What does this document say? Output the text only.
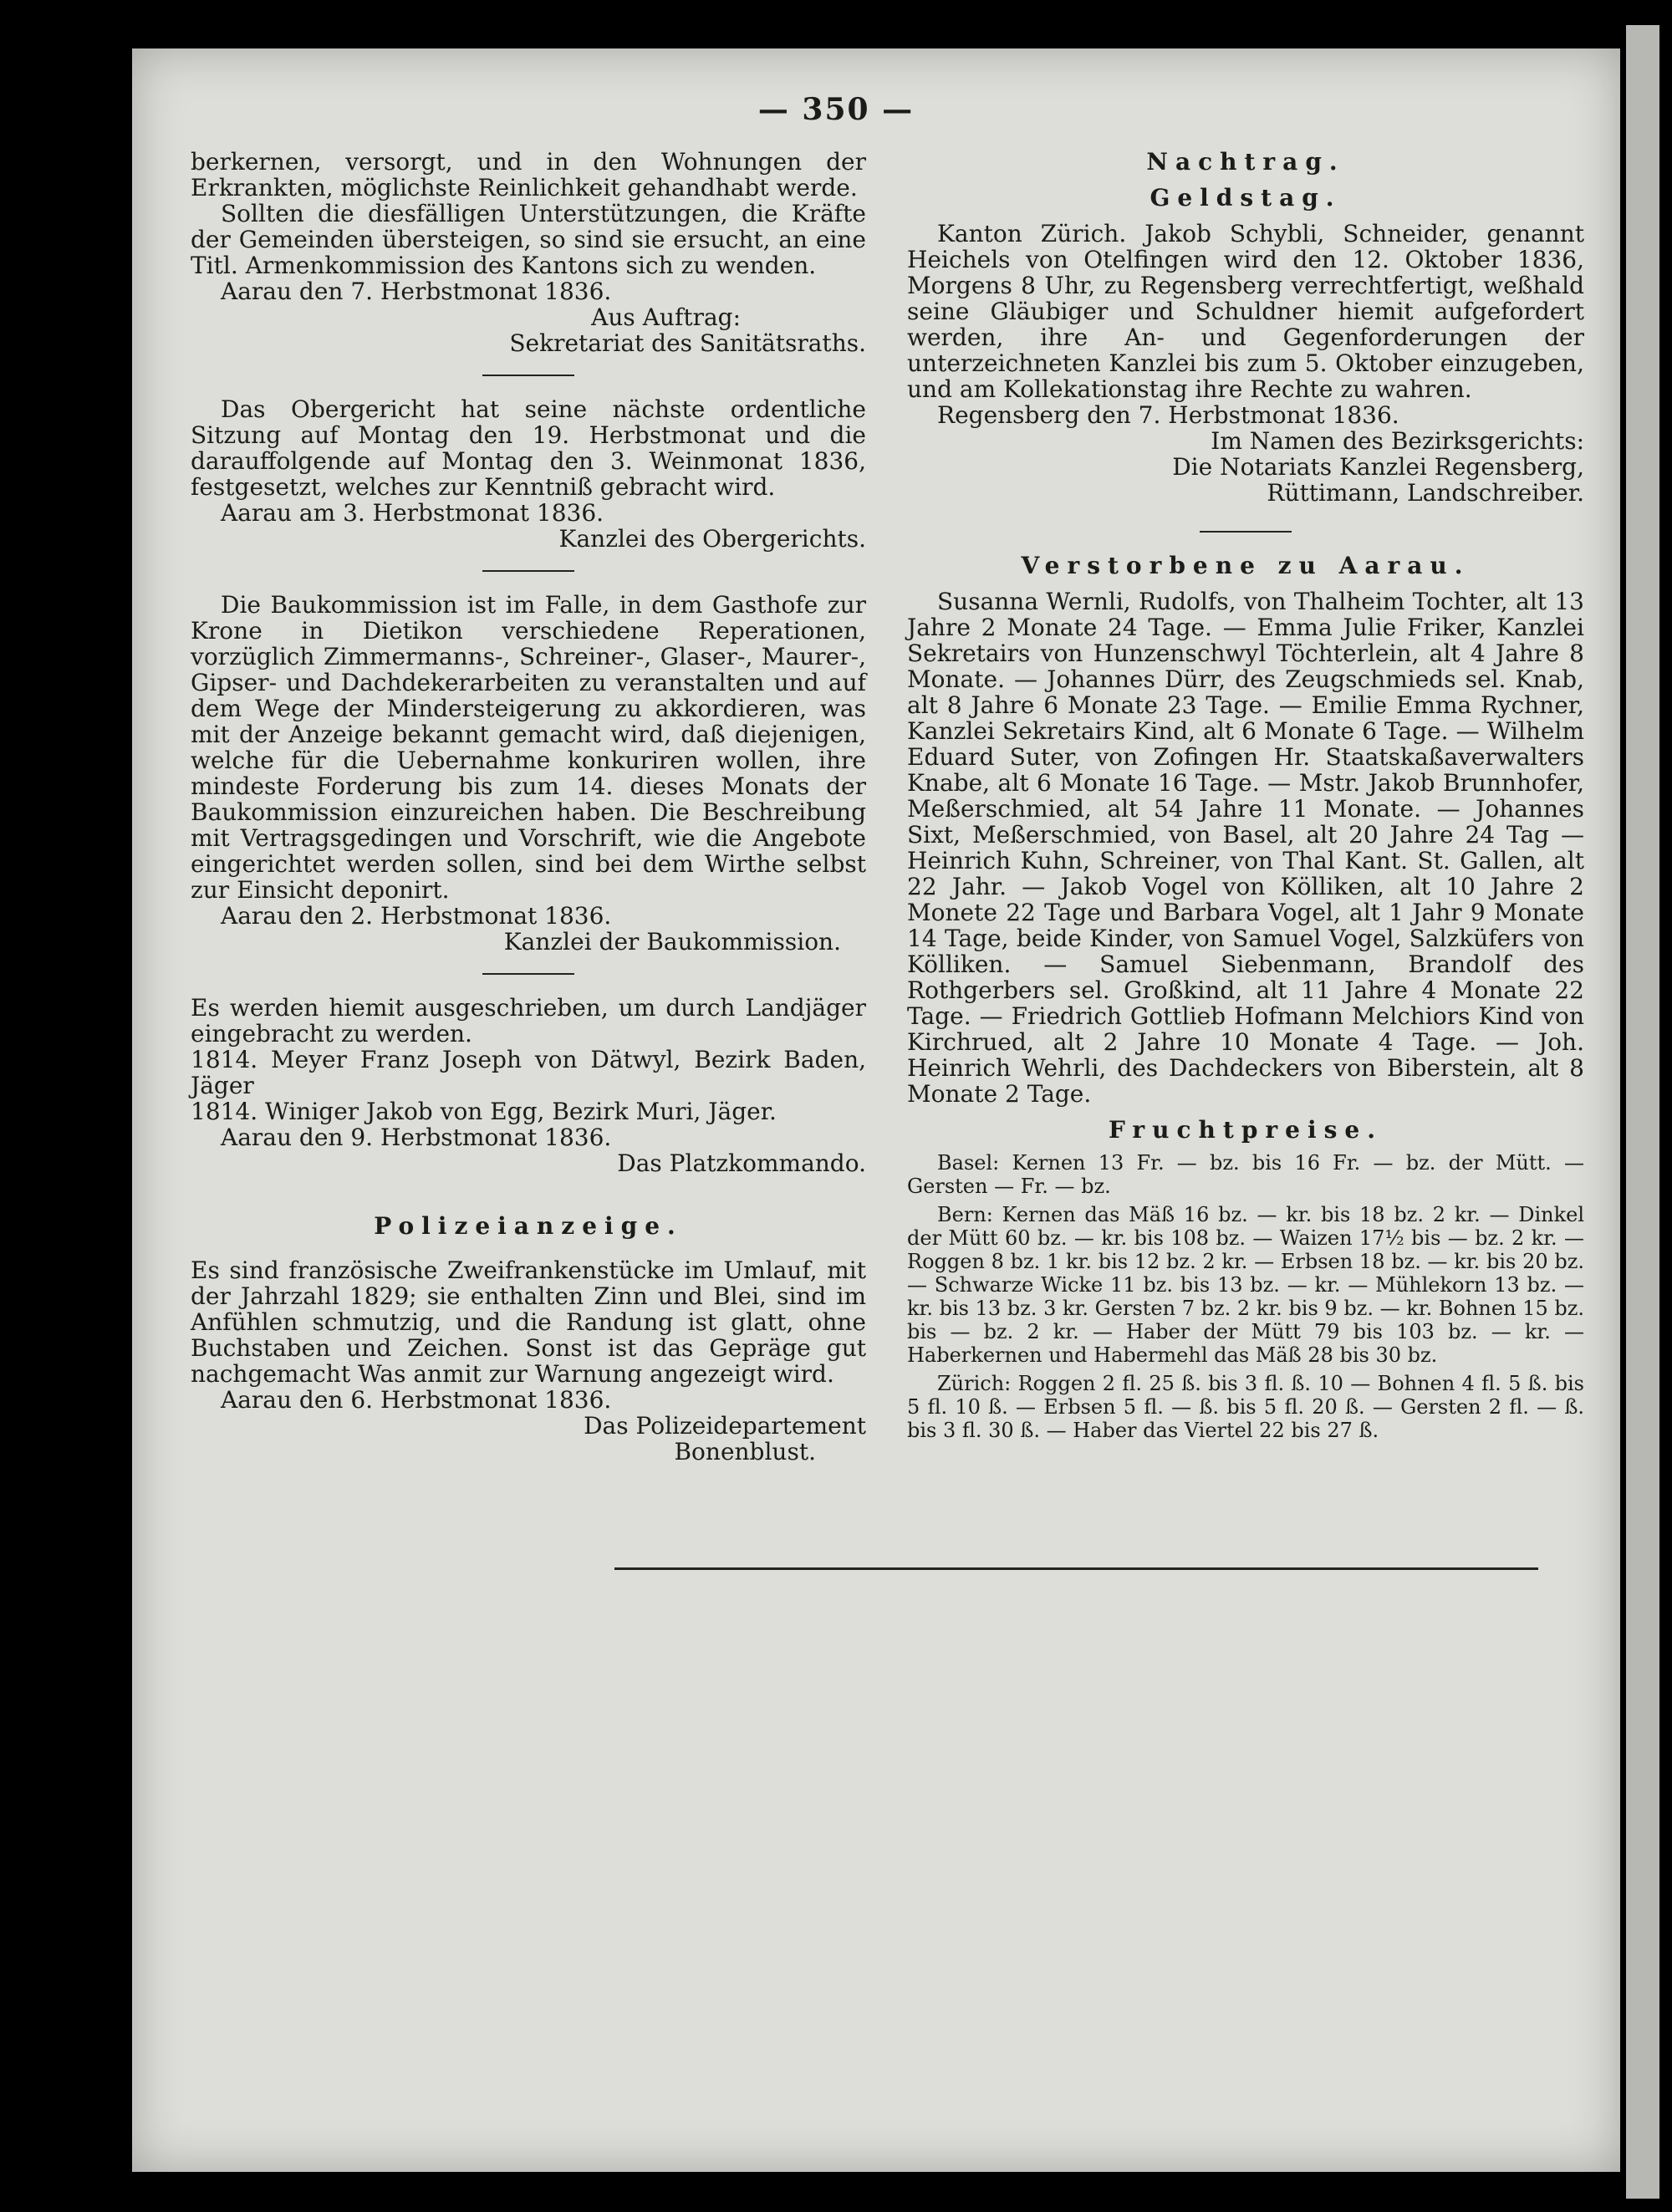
— 350 —

berkernen, versorgt, und in den Wohnungen der Erkrankten, möglichste Reinlichkeit gehandhabt werde.

Sollten die diesfälligen Unterstützungen, die Kräfte der Gemeinden übersteigen, so sind sie ersucht, an eine Titl. Armenkommission des Kantons sich zu wenden.

Aarau den 7. Herbstmonat 1836.

Aus Auftrag:

Sekretariat des Sanitätsraths.

Das Obergericht hat seine nächste ordentliche Sitzung auf Montag den 19. Herbstmonat und die darauffolgende auf Montag den 3. Weinmonat 1836, festgesetzt, welches zur Kenntniß gebracht wird.

Aarau am 3. Herbstmonat 1836.

Kanzlei des Obergerichts.

Die Baukommission ist im Falle, in dem Gasthofe zur Krone in Dietikon verschiedene Reperationen, vorzüglich Zimmermanns-, Schreiner-, Glaser-, Maurer-, Gipser- und Dachdekerarbeiten zu veranstalten und auf dem Wege der Mindersteigerung zu akkordieren, was mit der Anzeige bekannt gemacht wird, daß diejenigen, welche für die Uebernahme konkuriren wollen, ihre mindeste Forderung bis zum 14. dieses Monats der Baukommission einzureichen haben. Die Beschreibung mit Vertragsgedingen und Vorschrift, wie die Angebote eingerichtet werden sollen, sind bei dem Wirthe selbst zur Einsicht deponirt.

Aarau den 2. Herbstmonat 1836.

Kanzlei der Baukommission.

Es werden hiemit ausgeschrieben, um durch Landjäger eingebracht zu werden.

1814. Meyer Franz Joseph von Dätwyl, Bezirk Baden, Jäger

1814. Winiger Jakob von Egg, Bezirk Muri, Jäger.

Aarau den 9. Herbstmonat 1836.

Das Platzkommando.

Polizeianzeige.

Es sind französische Zweifrankenstücke im Umlauf, mit der Jahrzahl 1829; sie enthalten Zinn und Blei, sind im Anfühlen schmutzig, und die Randung ist glatt, ohne Buchstaben und Zeichen. Sonst ist das Gepräge gut nachgemacht Was anmit zur Warnung angezeigt wird.

Aarau den 6. Herbstmonat 1836.

Das Polizeidepartement

Bonenblust.

Nachtrag.

Geldstag.

Kanton Zürich. Jakob Schybli, Schneider, genannt Heichels von Otelfingen wird den 12. Oktober 1836, Morgens 8 Uhr, zu Regensberg verrechtfertigt, weßhald seine Gläubiger und Schuldner hiemit aufgefordert werden, ihre An- und Gegenforderungen der unterzeichneten Kanzlei bis zum 5. Oktober einzugeben, und am Kollekationstag ihre Rechte zu wahren.

Regensberg den 7. Herbstmonat 1836.

Im Namen des Bezirksgerichts:

Die Notariats Kanzlei Regensberg,

Rüttimann, Landschreiber.

Verstorbene zu Aarau.

Susanna Wernli, Rudolfs, von Thalheim Tochter, alt 13 Jahre 2 Monate 24 Tage. — Emma Julie Friker, Kanzlei Sekretairs von Hunzenschwyl Töchterlein, alt 4 Jahre 8 Monate. — Johannes Dürr, des Zeugschmieds sel. Knab, alt 8 Jahre 6 Monate 23 Tage. — Emilie Emma Rychner, Kanzlei Sekretairs Kind, alt 6 Monate 6 Tage. — Wilhelm Eduard Suter, von Zofingen Hr. Staatskaßaverwalters Knabe, alt 6 Monate 16 Tage. — Mstr. Jakob Brunnhofer, Meßerschmied, alt 54 Jahre 11 Monate. — Johannes Sixt, Meßerschmied, von Basel, alt 20 Jahre 24 Tag — Heinrich Kuhn, Schreiner, von Thal Kant. St. Gallen, alt 22 Jahr. — Jakob Vogel von Kölliken, alt 10 Jahre 2 Monete 22 Tage und Barbara Vogel, alt 1 Jahr 9 Monate 14 Tage, beide Kinder, von Samuel Vogel, Salzküfers von Kölliken. — Samuel Siebenmann, Brandolf des Rothgerbers sel. Großkind, alt 11 Jahre 4 Monate 22 Tage. — Friedrich Gottlieb Hofmann Melchiors Kind von Kirchrued, alt 2 Jahre 10 Monate 4 Tage. — Joh. Heinrich Wehrli, des Dachdeckers von Biberstein, alt 8 Monate 2 Tage.

Fruchtpreise.

Basel: Kernen 13 Fr. — bz. bis 16 Fr. — bz. der Mütt. — Gersten — Fr. — bz.

Bern: Kernen das Mäß 16 bz. — kr. bis 18 bz. 2 kr. — Dinkel der Mütt 60 bz. — kr. bis 108 bz. — Waizen 17½ bis — bz. 2 kr. — Roggen 8 bz. 1 kr. bis 12 bz. 2 kr. — Erbsen 18 bz. — kr. bis 20 bz. — Schwarze Wicke 11 bz. bis 13 bz. — kr. — Mühlekorn 13 bz. — kr. bis 13 bz. 3 kr. Gersten 7 bz. 2 kr. bis 9 bz. — kr. Bohnen 15 bz. bis — bz. 2 kr. — Haber der Mütt 79 bis 103 bz. — kr. — Haberkernen und Habermehl das Mäß 28 bis 30 bz.

Zürich: Roggen 2 fl. 25 ß. bis 3 fl. ß. 10 — Bohnen 4 fl. 5 ß. bis 5 fl. 10 ß. — Erbsen 5 fl. — ß. bis 5 fl. 20 ß. — Gersten 2 fl. — ß. bis 3 fl. 30 ß. — Haber das Viertel 22 bis 27 ß.
